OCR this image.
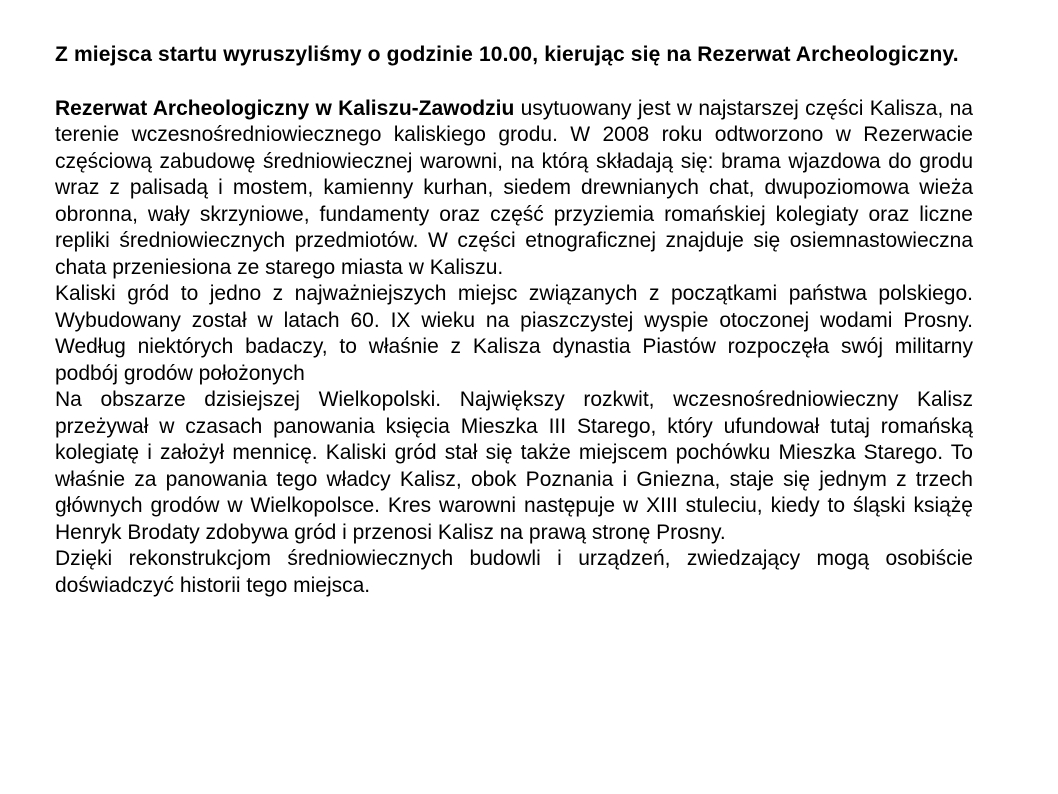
Z miejsca startu wyruszyliśmy o godzinie 10.00, kierując się na Rezerwat Archeologiczny.

Rezerwat Archeologiczny w Kaliszu-Zawodziu usytuowany jest w najstarszej części Kalisza, na terenie wczesnośredniowiecznego kaliskiego grodu. W 2008 roku odtworzono w Rezerwacie częściową zabudowę średniowiecznej warowni, na którą składają się: brama wjazdowa do grodu wraz z palisadą i mostem, kamienny kurhan, siedem drewnianych chat, dwupoziomowa wieża obronna, wały skrzyniowe, fundamenty oraz część przyziemia romańskiej kolegiaty oraz liczne repliki średniowiecznych przedmiotów. W części etnograficznej znajduje się osiemnastowieczna chata przeniesiona ze starego miasta w Kaliszu.

Kaliski gród to jedno z najważniejszych miejsc związanych z początkami państwa polskiego. Wybudowany został w latach 60. IX wieku na piaszczystej wyspie otoczonej wodami Prosny. Według niektórych badaczy, to właśnie z Kalisza dynastia Piastów rozpoczęła swój militarny podbój grodów położonych

Na obszarze dzisiejszej Wielkopolski. Największy rozkwit, wczesnośredniowieczny Kalisz przeżywał w czasach panowania księcia Mieszka III Starego, który ufundował tutaj romańską kolegiatę i założył mennicę. Kaliski gród stał się także miejscem pochówku Mieszka Starego. To właśnie za panowania tego władcy Kalisz, obok Poznania i Gniezna, staje się jednym z trzech głównych grodów w Wielkopolsce. Kres warowni następuje w XIII stuleciu, kiedy to śląski książę Henryk Brodaty zdobywa gród i przenosi Kalisz na prawą stronę Prosny.

Dzięki rekonstrukcjom średniowiecznych budowli i urządzeń, zwiedzający mogą osobiście doświadczyć historii tego miejsca.
